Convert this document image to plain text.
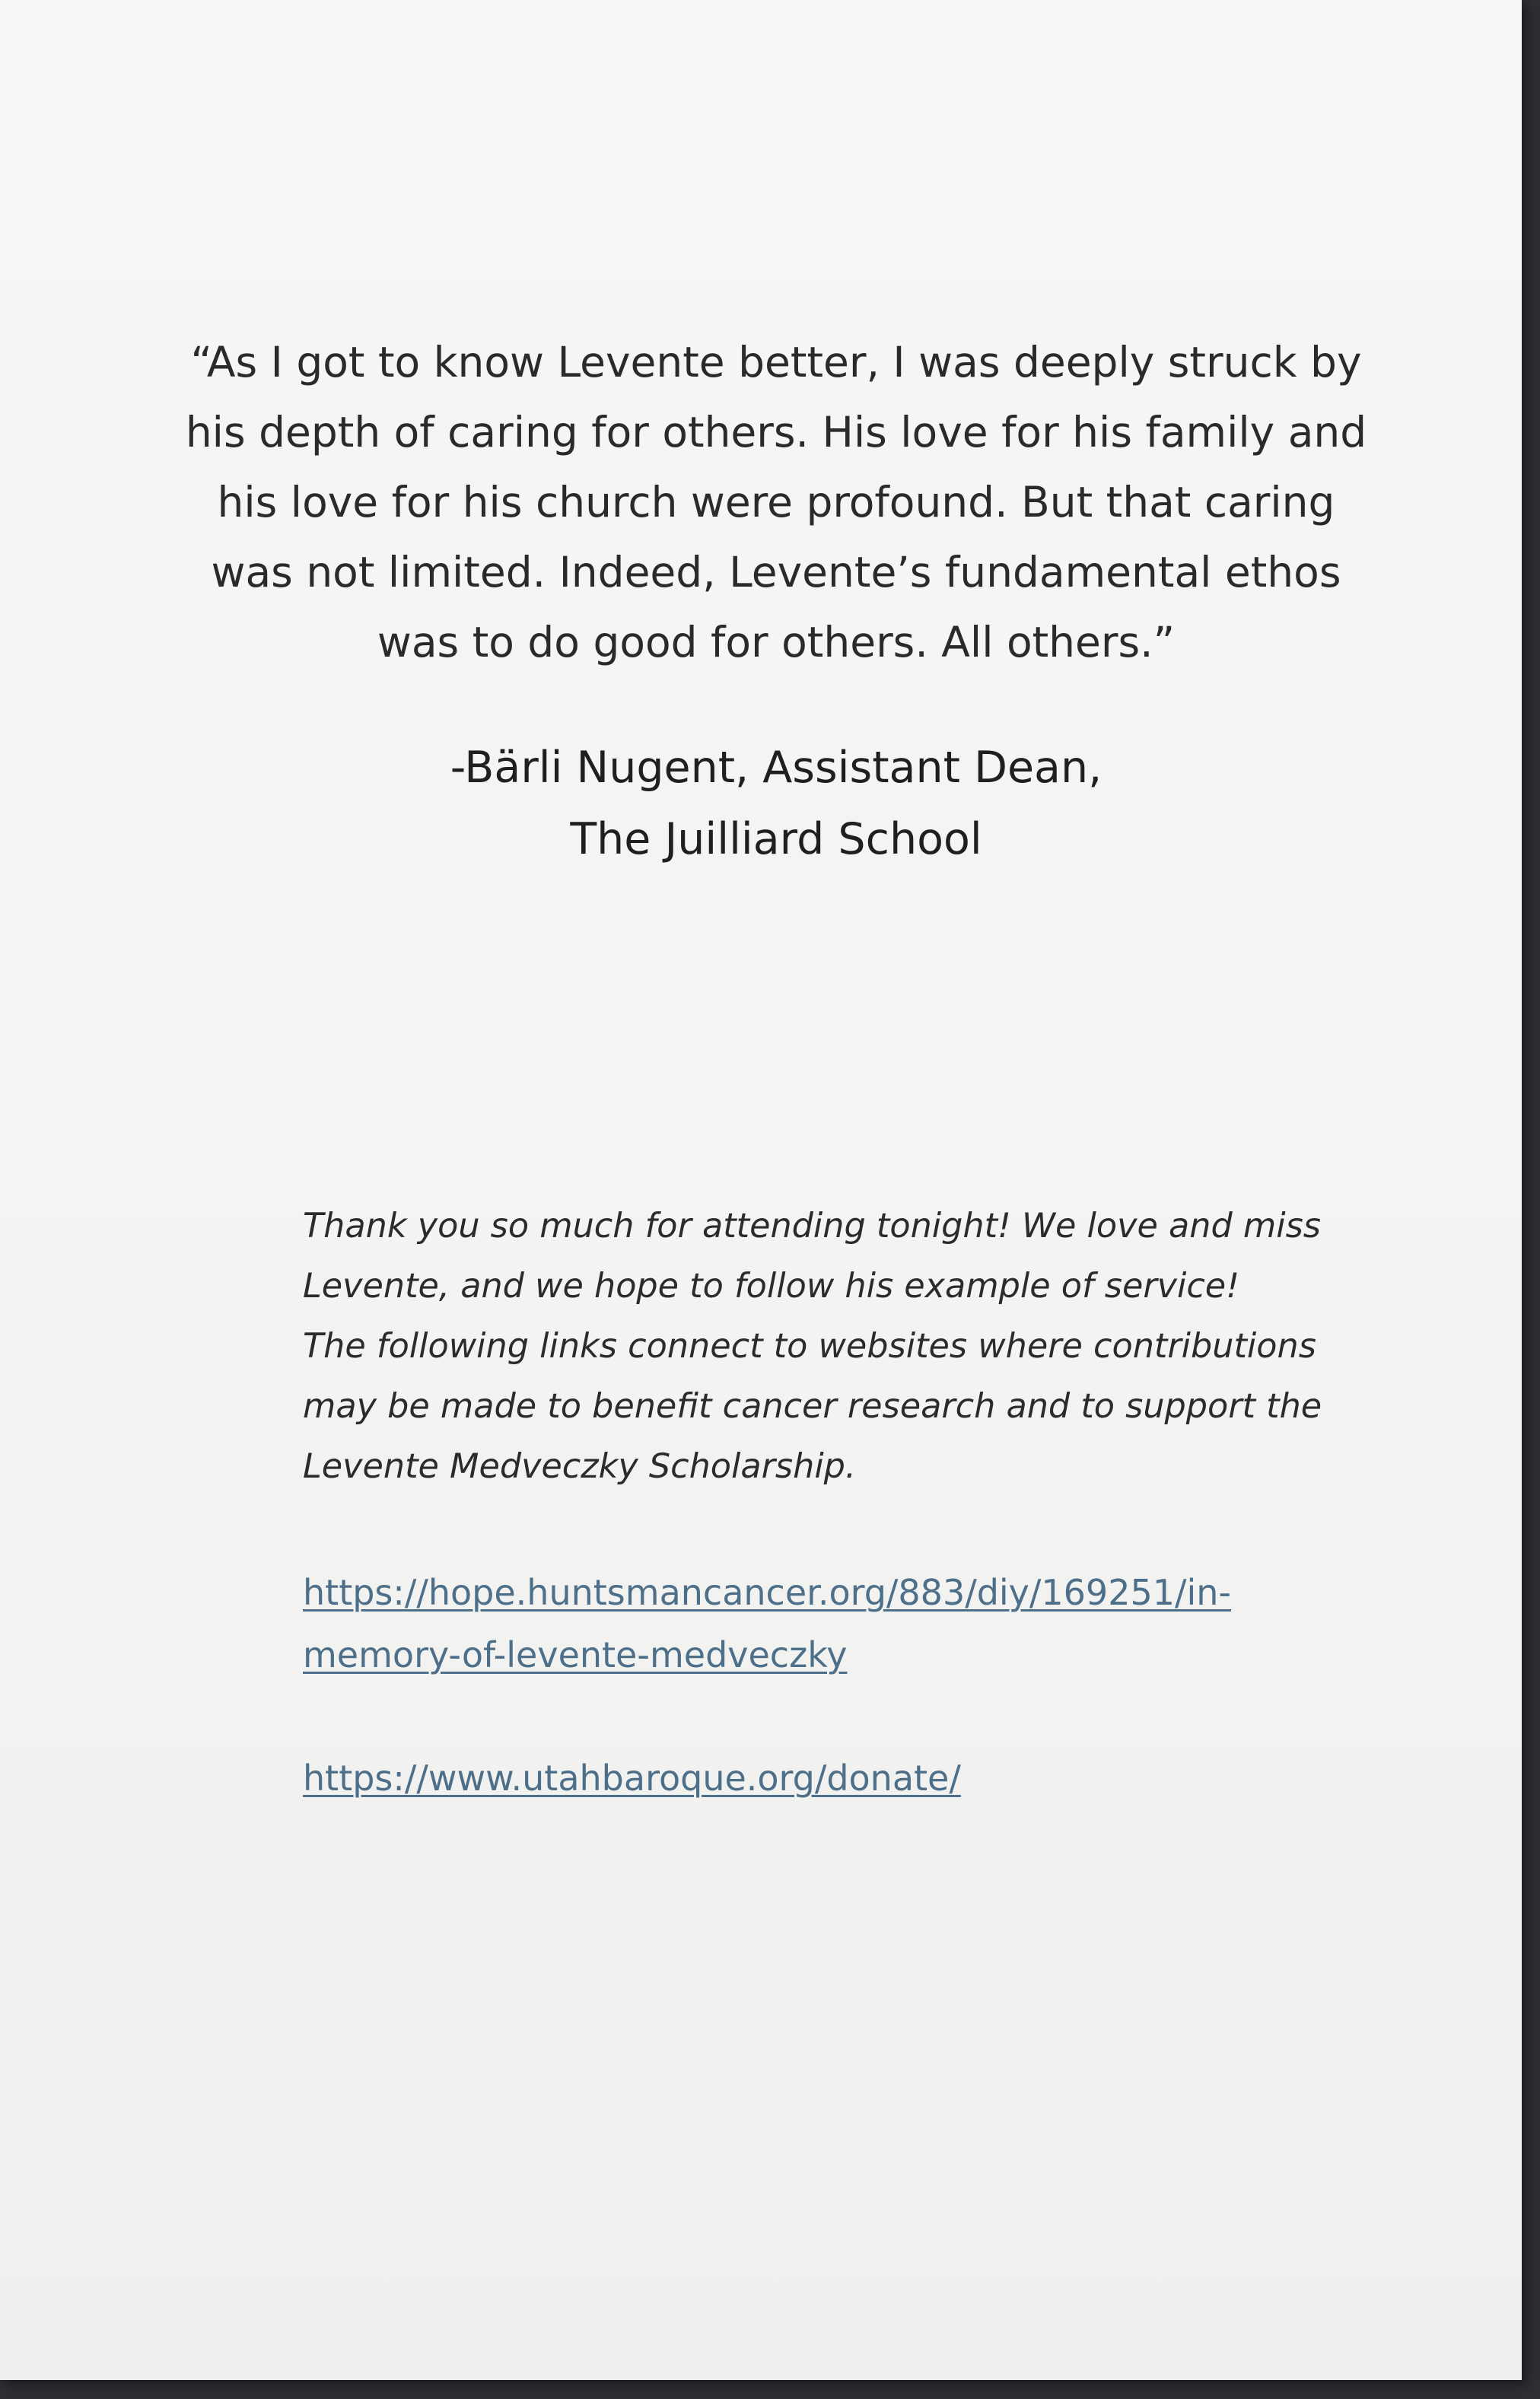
“As I got to know Levente better, I was deeply struck by
his depth of caring for others. His love for his family and
his love for his church were profound. But that caring
was not limited. Indeed, Levente’s fundamental ethos
was to do good for others. All others.”

-Bärli Nugent, Assistant Dean,
The Juilliard School
Thank you so much for attending tonight! We love and miss
Levente, and we hope to follow his example of service!
The following links connect to websites where contributions
may be made to benefit cancer research and to support the
Levente Medveczky Scholarship.
https://hope.huntsmancancer.org/883/diy/169251/in-
memory-of-levente-medveczky
https://www.utahbaroque.org/donate/
